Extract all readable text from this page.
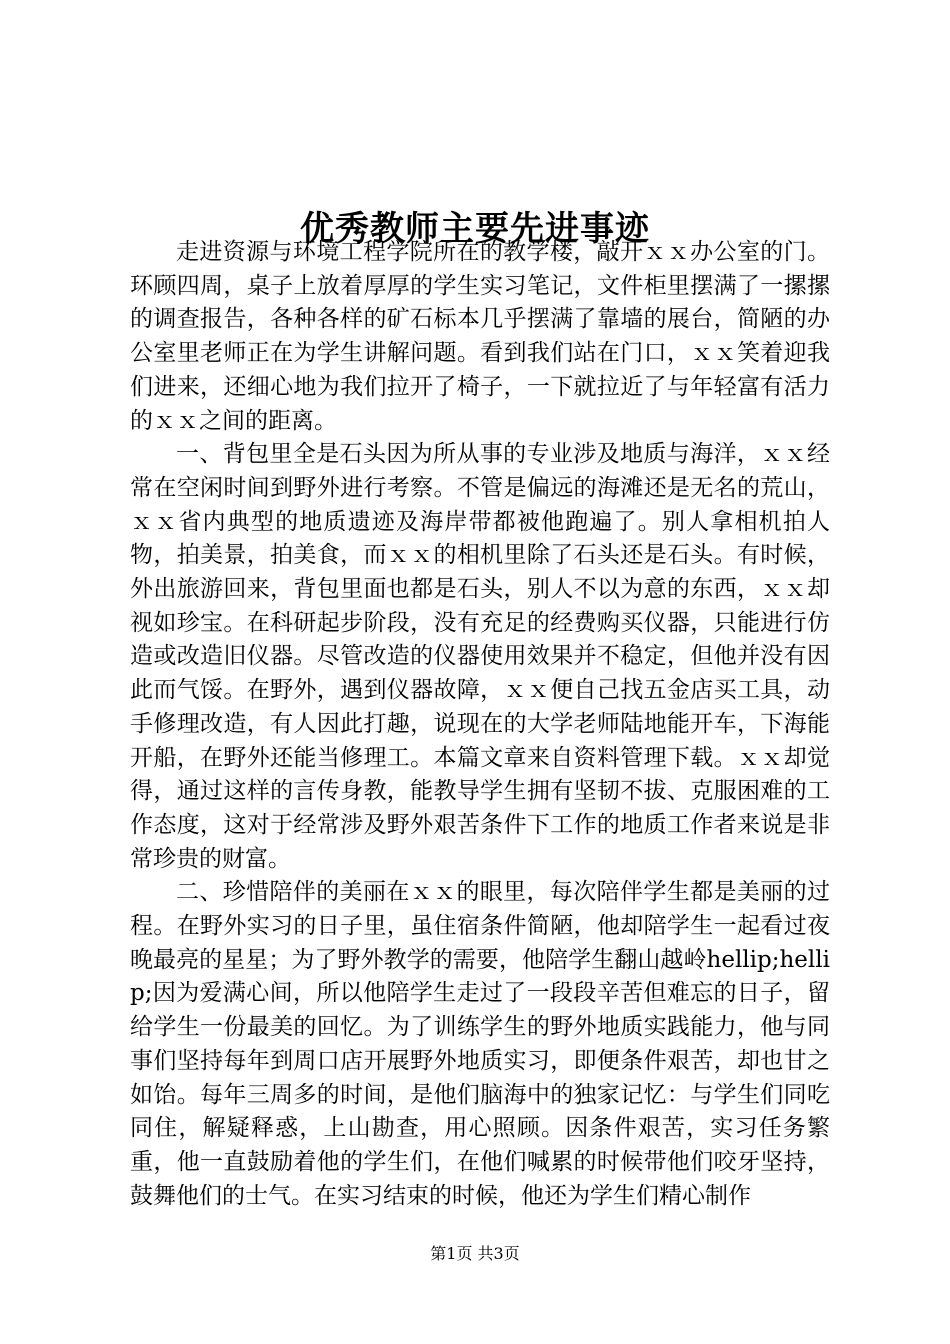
优秀教师主要先进事迹

走进资源与环境工程学院所在的教学楼，敲开ｘｘ办公室的门。环顾四周，桌子上放着厚厚的学生实习笔记，文件柜里摆满了一摞摞的调查报告，各种各样的矿石标本几乎摆满了靠墙的展台，简陋的办公室里老师正在为学生讲解问题。看到我们站在门口，ｘｘ笑着迎我们进来，还细心地为我们拉开了椅子，一下就拉近了与年轻富有活力的ｘｘ之间的距离。

一、背包里全是石头因为所从事的专业涉及地质与海洋，ｘｘ经常在空闲时间到野外进行考察。不管是偏远的海滩还是无名的荒山，ｘｘ省内典型的地质遗迹及海岸带都被他跑遍了。别人拿相机拍人物，拍美景，拍美食，而ｘｘ的相机里除了石头还是石头。有时候，外出旅游回来，背包里面也都是石头，别人不以为意的东西，ｘｘ却视如珍宝。在科研起步阶段，没有充足的经费购买仪器，只能进行仿造或改造旧仪器。尽管改造的仪器使用效果并不稳定，但他并没有因此而气馁。在野外，遇到仪器故障，ｘｘ便自己找五金店买工具，动手修理改造，有人因此打趣，说现在的大学老师陆地能开车，下海能开船，在野外还能当修理工。本篇文章来自资料管理下载。ｘｘ却觉得，通过这样的言传身教，能教导学生拥有坚韧不拔、克服困难的工作态度，这对于经常涉及野外艰苦条件下工作的地质工作者来说是非常珍贵的财富。

二、珍惜陪伴的美丽在ｘｘ的眼里，每次陪伴学生都是美丽的过程。在野外实习的日子里，虽住宿条件简陋，他却陪学生一起看过夜晚最亮的星星；为了野外教学的需要，他陪学生翻山越岭hellip;hellip;因为爱满心间，所以他陪学生走过了一段段辛苦但难忘的日子，留给学生一份最美的回忆。为了训练学生的野外地质实践能力，他与同事们坚持每年到周口店开展野外地质实习，即便条件艰苦，却也甘之如饴。每年三周多的时间，是他们脑海中的独家记忆：与学生们同吃同住，解疑释惑，上山勘查，用心照顾。因条件艰苦，实习任务繁重，他一直鼓励着他的学生们，在他们喊累的时候带他们咬牙坚持，鼓舞他们的士气。在实习结束的时候，他还为学生们精心制作

第1页 共3页
